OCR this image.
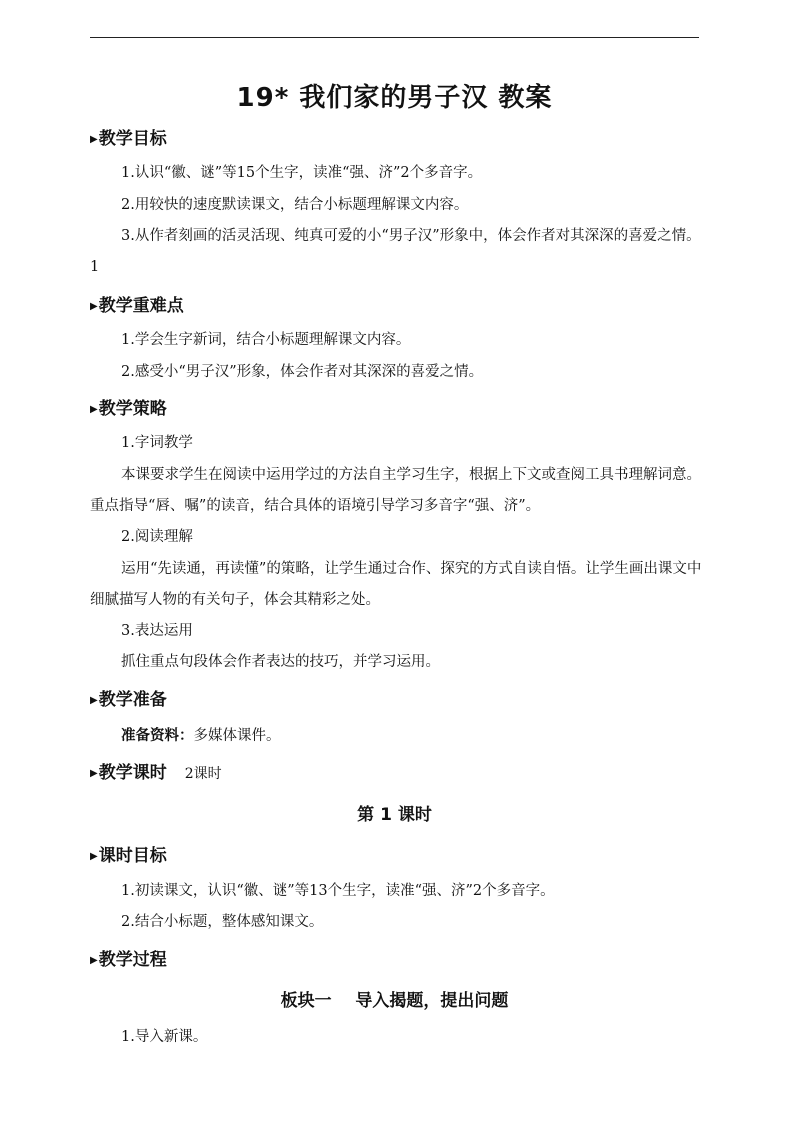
19* 我们家的男子汉 教案
▶教学目标
1.认识“徽、谜”等15个生字，读准“强、济”2个多音字。
2.用较快的速度默读课文，结合小标题理解课文内容。
3.从作者刻画的活灵活现、纯真可爱的小“男子汉”形象中，体会作者对其深深的喜爱之情。1
▶教学重难点
1.学会生字新词，结合小标题理解课文内容。
2.感受小“男子汉”形象，体会作者对其深深的喜爱之情。
▶教学策略
1.字词教学
本课要求学生在阅读中运用学过的方法自主学习生字，根据上下文或查阅工具书理解词意。重点指导“唇、嘱”的读音，结合具体的语境引导学习多音字“强、济”。
2.阅读理解
运用“先读通，再读懂”的策略，让学生通过合作、探究的方式自读自悟。让学生画出课文中细腻描写人物的有关句子，体会其精彩之处。
3.表达运用
抓住重点句段体会作者表达的技巧，并学习运用。
▶教学准备
准备资料：多媒体课件。
▶教学课时 2课时
第 1 课时
▶课时目标
1.初读课文，认识“徽、谜”等13个生字，读准“强、济”2个多音字。
2.结合小标题，整体感知课文。
▶教学过程
板块一    导入揭题，提出问题
1.导入新课。
